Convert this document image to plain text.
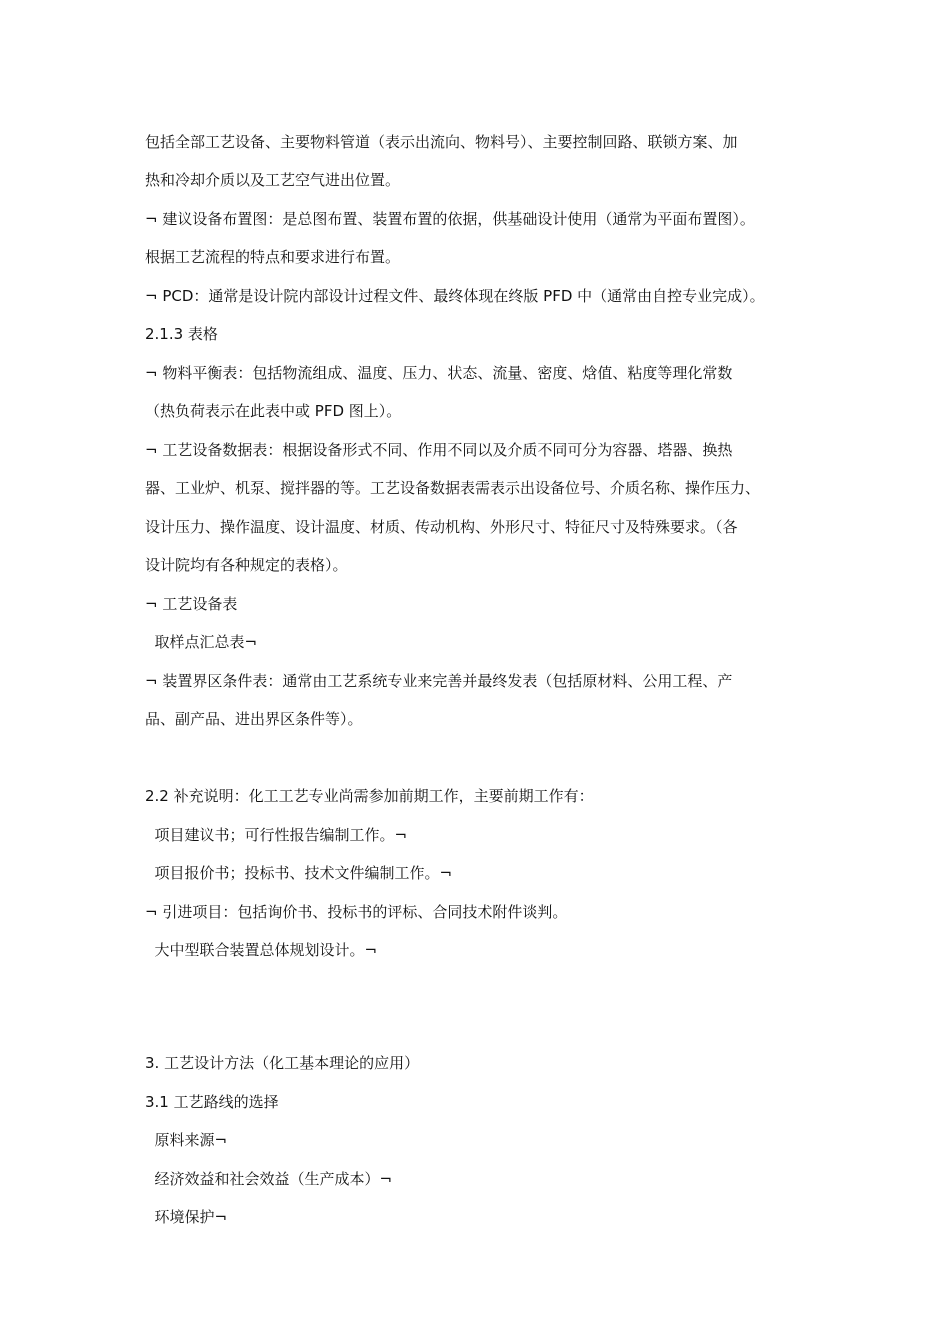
包括全部工艺设备、主要物料管道（表示出流向、物料号）、主要控制回路、联锁方案、加
热和冷却介质以及工艺空气进出位置。
¬ 建议设备布置图：是总图布置、装置布置的依据，供基础设计使用（通常为平面布置图）。
根据工艺流程的特点和要求进行布置。
¬ PCD：通常是设计院内部设计过程文件、最终体现在终版 PFD 中（通常由自控专业完成）。
2.1.3 表格
¬ 物料平衡表：包括物流组成、温度、压力、状态、流量、密度、焓值、粘度等理化常数
（热负荷表示在此表中或 PFD 图上）。
¬ 工艺设备数据表：根据设备形式不同、作用不同以及介质不同可分为容器、塔器、换热
器、工业炉、机泵、搅拌器的等。工艺设备数据表需表示出设备位号、介质名称、操作压力、
设计压力、操作温度、设计温度、材质、传动机构、外形尺寸、特征尺寸及特殊要求。（各
设计院均有各种规定的表格）。
¬ 工艺设备表
取样点汇总表¬
¬ 装置界区条件表：通常由工艺系统专业来完善并最终发表（包括原材料、公用工程、产
品、副产品、进出界区条件等）。
2.2 补充说明：化工工艺专业尚需参加前期工作，主要前期工作有：
项目建议书；可行性报告编制工作。¬
项目报价书；投标书、技术文件编制工作。¬
¬ 引进项目：包括询价书、投标书的评标、合同技术附件谈判。
大中型联合装置总体规划设计。¬
3. 工艺设计方法（化工基本理论的应用）
3.1 工艺路线的选择
原料来源¬
经济效益和社会效益（生产成本）¬
环境保护¬
